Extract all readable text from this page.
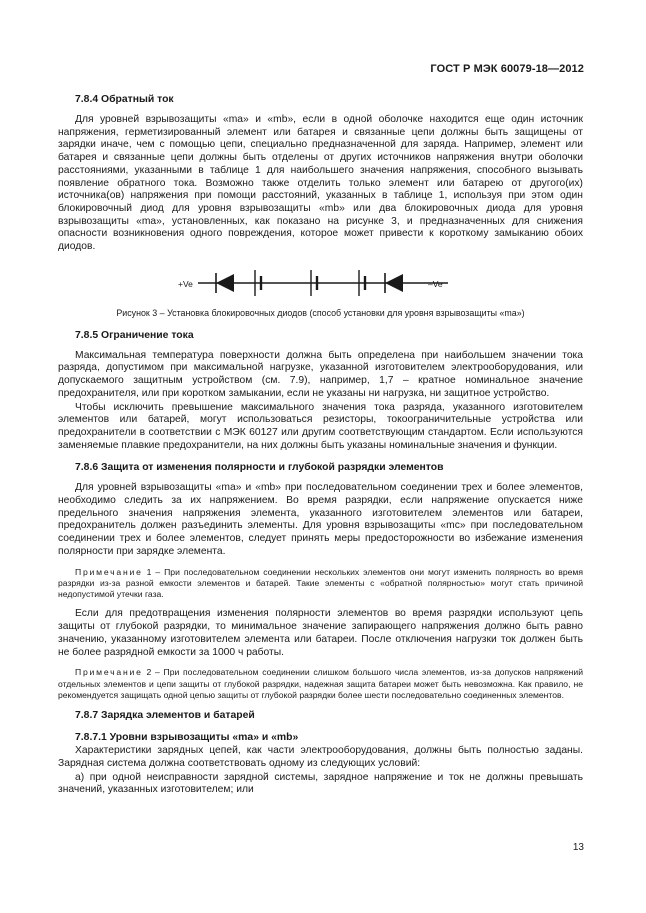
ГОСТ Р МЭК 60079-18—2012
7.8.4 Обратный ток

Для уровней взрывозащиты «ma» и «mb», если в одной оболочке находится еще один источник напряжения, герметизированный элемент или батарея и связанные цепи должны быть защищены от зарядки иначе, чем с помощью цепи, специально предназначенной для заряда. Например, элемент или батарея и связанные цепи должны быть отделены от других источников напряжения внутри оболочки расстояниями, указанными в таблице 1 для наибольшего значения напряжения, способного вызывать появление обратного тока. Возможно также отделить только элемент или батарею от другого(их) источника(ов) напряжения при помощи расстояний, указанных в таблице 1, используя при этом один блокировочный диод для уровня взрывозащиты «mb» или два блокировочных диода для уровня взрывозащиты «ma», установленных, как показано на рисунке 3, и предназначенных для снижения опасности возникновения одного повреждения, которое может привести к короткому замыканию обоих диодов.

+Ve	–Ve
Рисунок 3 – Установка блокировочных диодов (способ установки для уровня взрывозащиты «ma»)
7.8.5 Ограничение тока

Максимальная температура поверхности должна быть определена при наибольшем значении тока разряда, допустимом при максимальной нагрузке, указанной изготовителем электрооборудования, или допускаемого защитным устройством (см. 7.9), например, 1,7 – кратное номинальное значение предохранителя, или при коротком замыкании, если не указаны ни нагрузка, ни защитное устройство.

Чтобы исключить превышение максимального значения тока разряда, указанного изготовителем элементов или батарей, могут использоваться резисторы, токоограничительные устройства или предохранители в соответствии с МЭК 60127 или другим соответствующим стандартом. Если используются заменяемые плавкие предохранители, на них должны быть указаны номинальные значения и функции.

7.8.6 Защита от изменения полярности и глубокой разрядки элементов

Для уровней взрывозащиты «ma» и «mb» при последовательном соединении трех и более элементов, необходимо следить за их напряжением. Во время разрядки, если напряжение опускается ниже предельного значения напряжения элемента, указанного изготовителем элементов или батареи, предохранитель должен разъединить элементы. Для уровня взрывозащиты «mc» при последовательном соединении трех и более элементов, следует принять меры предосторожности во избежание изменения полярности при зарядке элемента.

Примечание 1 – При последовательном соединении нескольких элементов они могут изменить полярность во время разрядки из-за разной емкости элементов и батарей. Такие элементы с «обратной полярностью» могут стать причиной недопустимой утечки газа.

Если для предотвращения изменения полярности элементов во время разрядки используют цепь защиты от глубокой разрядки, то минимальное значение запирающего напряжения должно быть равно значению, указанному изготовителем элемента или батареи. После отключения нагрузки ток должен быть не более разрядной емкости за 1000 ч работы.

Примечание 2 – При последовательном соединении слишком большого числа элементов, из-за допусков напряжений отдельных элементов и цепи защиты от глубокой разрядки, надежная защита батареи может быть невозможна. Как правило, не рекомендуется защищать одной цепью защиты от глубокой разрядки более шести последовательно соединенных элементов.

7.8.7 Зарядка элементов и батарей
7.8.7.1 Уровни взрывозащиты «ma» и «mb»

Характеристики зарядных цепей, как части электрооборудования, должны быть полностью заданы. Зарядная система должна соответствовать одному из следующих условий:

а) при одной неисправности зарядной системы, зарядное напряжение и ток не должны превышать значений, указанных изготовителем; или

13
